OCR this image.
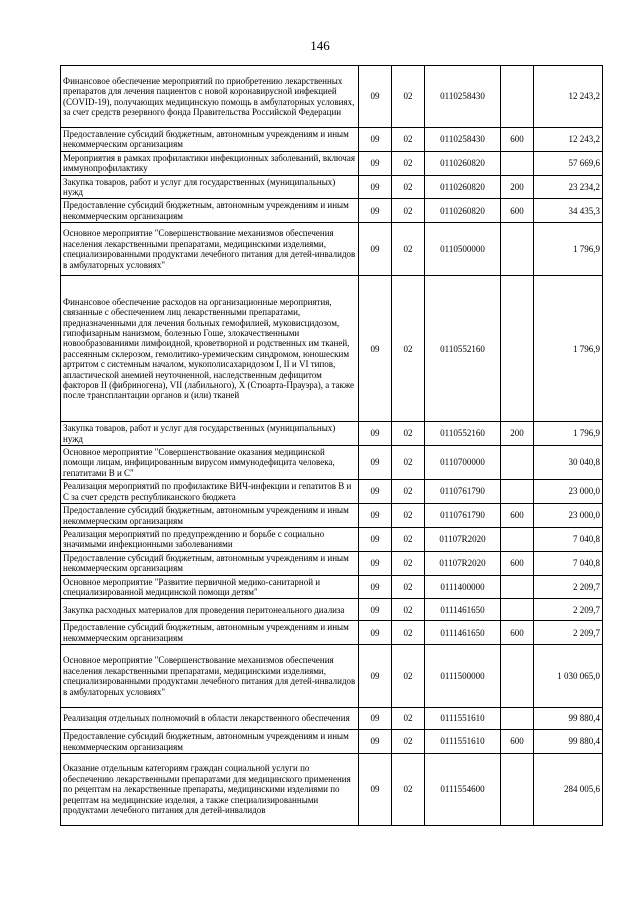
146
Финансовое обеспечение мероприятий по приобретению лекарственных препаратов для лечения пациентов с новой коронавирусной инфекцией (COVID-19), получающих медицинскую помощь в амбулаторных условиях, за счет средств резервного фонда Правительства Российской Федерации	09	02	0110258430		12 243,2
Предоставление субсидий бюджетным, автономным учреждениям и иным некоммерческим организациям	09	02	0110258430	600	12 243,2
Мероприятия в рамках профилактики инфекционных заболеваний, включая иммунопрофилактику	09	02	0110260820		57 669,6
Закупка товаров, работ и услуг для государственных (муниципальных) нужд	09	02	0110260820	200	23 234,2
Предоставление субсидий бюджетным, автономным учреждениям и иным некоммерческим организациям	09	02	0110260820	600	34 435,3
Основное мероприятие "Совершенствование механизмов обеспечения населения лекарственными препаратами, медицинскими изделиями, специализированными продуктами лечебного питания для детей-инвалидов в амбулаторных условиях"	09	02	0110500000		1 796,9
Финансовое обеспечение расходов на организационные мероприятия, связанные с обеспечением лиц лекарственными препаратами, предназначенными для лечения больных гемофилией, муковисцидозом, гипофизарным нанизмом, болезнью Гоше, злокачественными новообразованиями лимфоидной, кроветворной и родственных им тканей, рассеянным склерозом, гемолитико-уремическим синдромом, юношеским артритом с системным началом, мукополисахаридозом I, II и VI типов, апластической анемией неуточненной, наследственным дефицитом факторов II (фибриногена), VII (лабильного), X (Стюарта-Прауэра), а также после трансплантации органов и (или) тканей	09	02	0110552160		1 796,9
Закупка товаров, работ и услуг для государственных (муниципальных) нужд	09	02	0110552160	200	1 796,9
Основное мероприятие "Совершенствование оказания медицинской помощи лицам, инфицированным вирусом иммунодефицита человека, гепатитами В и С"	09	02	0110700000		30 040,8
Реализация мероприятий по профилактике ВИЧ-инфекции и гепатитов B и C за счет средств республиканского бюджета	09	02	0110761790		23 000,0
Предоставление субсидий бюджетным, автономным учреждениям и иным некоммерческим организациям	09	02	0110761790	600	23 000,0
Реализация мероприятий по предупреждению и борьбе с социально значимыми инфекционными заболеваниями	09	02	01107R2020		7 040,8
Предоставление субсидий бюджетным, автономным учреждениям и иным некоммерческим организациям	09	02	01107R2020	600	7 040,8
Основное мероприятие "Развитие первичной медико-санитарной и специализированной медицинской помощи детям"	09	02	0111400000		2 209,7
Закупка расходных материалов для проведения перитонеального диализа	09	02	0111461650		2 209,7
Предоставление субсидий бюджетным, автономным учреждениям и иным некоммерческим организациям	09	02	0111461650	600	2 209,7
Основное мероприятие "Совершенствование механизмов обеспечения населения лекарственными препаратами, медицинскими изделиями, специализированными продуктами лечебного питания для детей-инвалидов в амбулаторных условиях"	09	02	0111500000		1 030 065,0
Реализация отдельных полномочий в области лекарственного обеспечения	09	02	0111551610		99 880,4
Предоставление субсидий бюджетным, автономным учреждениям и иным некоммерческим организациям	09	02	0111551610	600	99 880,4
Оказание отдельным категориям граждан социальной услуги по обеспечению лекарственными препаратами для медицинского применения по рецептам на лекарственные препараты, медицинскими изделиями по рецептам на медицинские изделия, а также специализированными продуктами лечебного питания для детей-инвалидов	09	02	0111554600		284 005,6
